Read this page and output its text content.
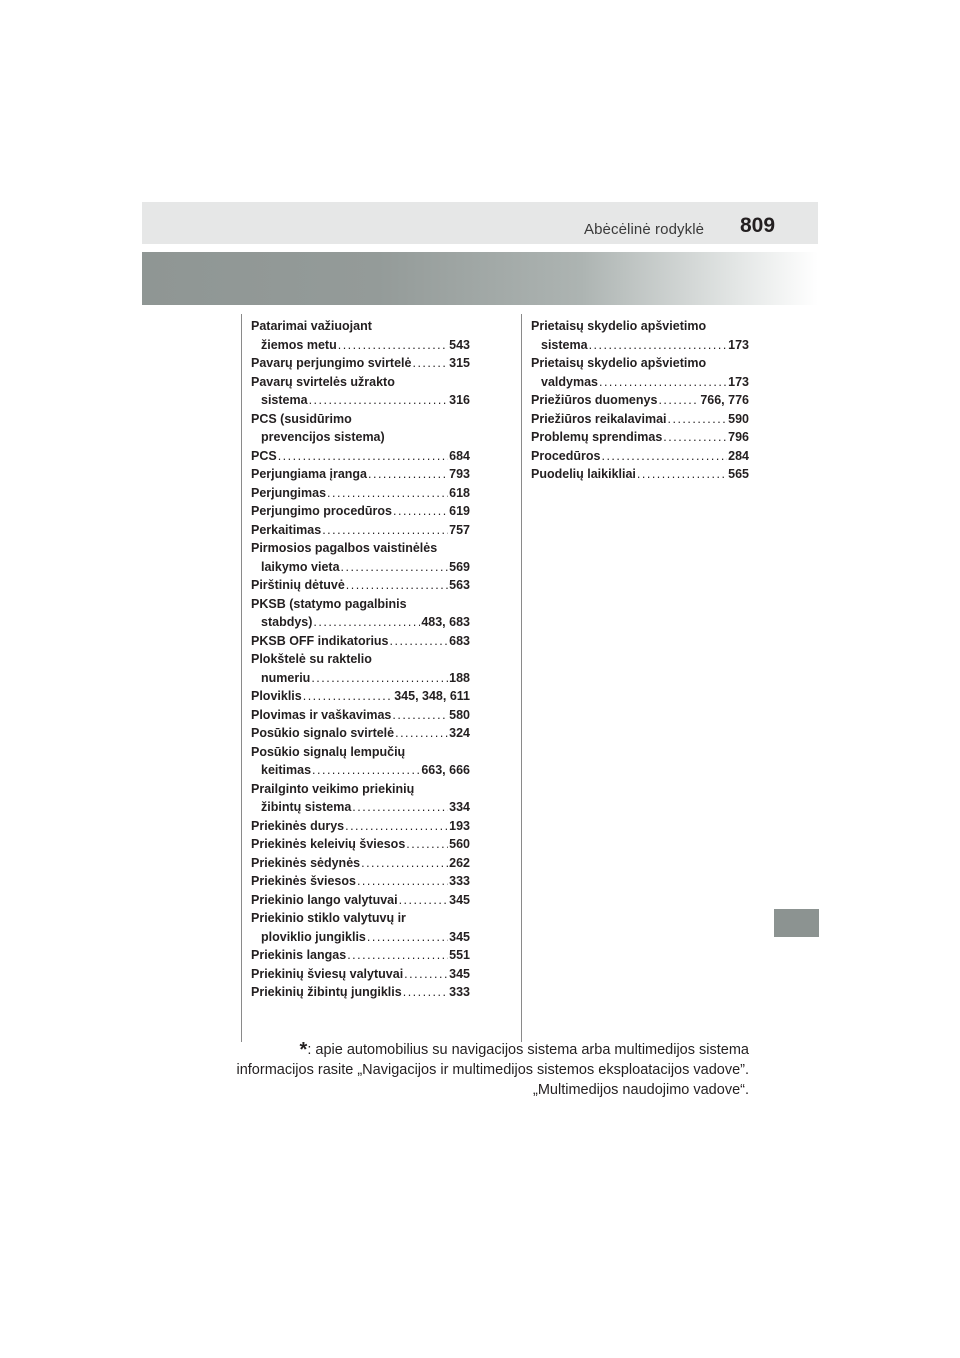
Abėcėlinė rodyklė 809
Patarimai važiuojant
žiemos metu .....	543
Pavarų perjungimo svirtelė .....	315
Pavarų svirtelės užrakto
sistema .....	316
PCS (susidūrimo
prevencijos sistema)
PCS .....	684
Perjungiama įranga .....	793
Perjungimas .....	618
Perjungimo procedūros .....	619
Perkaitimas .....	757
Pirmosios pagalbos vaistinėlės
laikymo vieta .....	569
Pirštinių dėtuvė .....	563
PKSB (statymo pagalbinis
stabdys) .....	483, 683
PKSB OFF indikatorius .....	683
Plokštelė su raktelio
numeriu .....	188
Ploviklis .....	345, 348, 611
Plovimas ir vaškavimas .....	580
Posūkio signalo svirtelė .....	324
Posūkio signalų lempučių
keitimas .....	663, 666
Prailginto veikimo priekinių
žibintų sistema .....	334
Priekinės durys .....	193
Priekinės keleivių šviesos .....	560
Priekinės sėdynės .....	262
Priekinės šviesos .....	333
Priekinio lango valytuvai .....	345
Priekinio stiklo valytuvų ir
ploviklio jungiklis .....	345
Priekinis langas .....	551
Priekinių šviesų valytuvai .....	345
Priekinių žibintų jungiklis .....	333
Prietaisų skydelio apšvietimo
sistema .....	173
Prietaisų skydelio apšvietimo
valdymas .....	173
Priežiūros duomenys .....	766, 776
Priežiūros reikalavimai .....	590
Problemų sprendimas .....	796
Procedūros .....	284
Puodelių laikikliai .....	565
*: apie automobilius su navigacijos sistema arba multimedijos sistema
informacijos rasite „Navigacijos ir multimedijos sistemos eksploatacijos vadove”.
„Multimedijos naudojimo vadove“.
